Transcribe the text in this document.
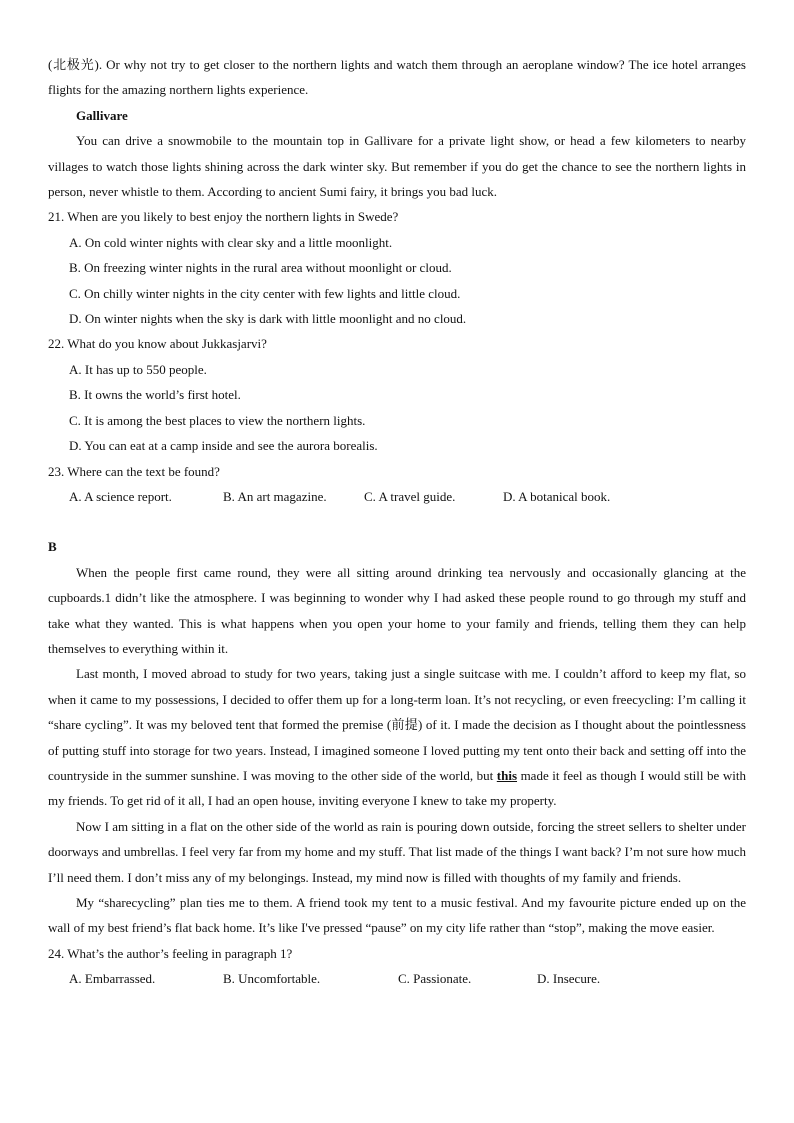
(北极光). Or why not try to get closer to the northern lights and watch them through an aeroplane window? The ice hotel arranges flights for the amazing northern lights experience.

Gallivare

You can drive a snowmobile to the mountain top in Gallivare for a private light show, or head a few kilometers to nearby villages to watch those lights shining across the dark winter sky. But remember if you do get the chance to see the northern lights in person, never whistle to them. According to ancient Sumi fairy, it brings you bad luck.

21. When are you likely to best enjoy the northern lights in Swede?

A. On cold winter nights with clear sky and a little moonlight.

B. On freezing winter nights in the rural area without moonlight or cloud.

C. On chilly winter nights in the city center with few lights and little cloud.

D. On winter nights when the sky is dark with little moonlight and no cloud.

22. What do you know about Jukkasjarvi?

A. It has up to 550 people.

B. It owns the world’s first hotel.

C. It is among the best places to view the northern lights.

D. You can eat at a camp inside and see the aurora borealis.

23. Where can the text be found?

A. A science report.	B. An art magazine.	C. A travel guide.	D. A botanical book.

B

When the people first came round, they were all sitting around drinking tea nervously and occasionally glancing at the cupboards.1 didn’t like the atmosphere. I was beginning to wonder why I had asked these people round to go through my stuff and take what they wanted. This is what happens when you open your home to your family and friends, telling them they can help themselves to everything within it.

Last month, I moved abroad to study for two years, taking just a single suitcase with me. I couldn’t afford to keep my flat, so when it came to my possessions, I decided to offer them up for a long-term loan. It’s not recycling, or even freecycling: I’m calling it “share cycling”. It was my beloved tent that formed the premise (前提) of it. I made the decision as I thought about the pointlessness of putting stuff into storage for two years. Instead, I imagined someone I loved putting my tent onto their back and setting off into the countryside in the summer sunshine. I was moving to the other side of the world, but this made it feel as though I would still be with my friends. To get rid of it all, I had an open house, inviting everyone I knew to take my property.

Now I am sitting in a flat on the other side of the world as rain is pouring down outside, forcing the street sellers to shelter under doorways and umbrellas. I feel very far from my home and my stuff. That list made of the things I want back? I’m not sure how much I’ll need them. I don’t miss any of my belongings. Instead, my mind now is filled with thoughts of my family and friends.

My “sharecycling” plan ties me to them. A friend took my tent to a music festival. And my favourite picture ended up on the wall of my best friend’s flat back home. It’s like I've pressed “pause” on my city life rather than “stop”, making the move easier.

24. What’s the author’s feeling in paragraph 1?

A. Embarrassed.	B. Uncomfortable.	C. Passionate.	D. Insecure.
